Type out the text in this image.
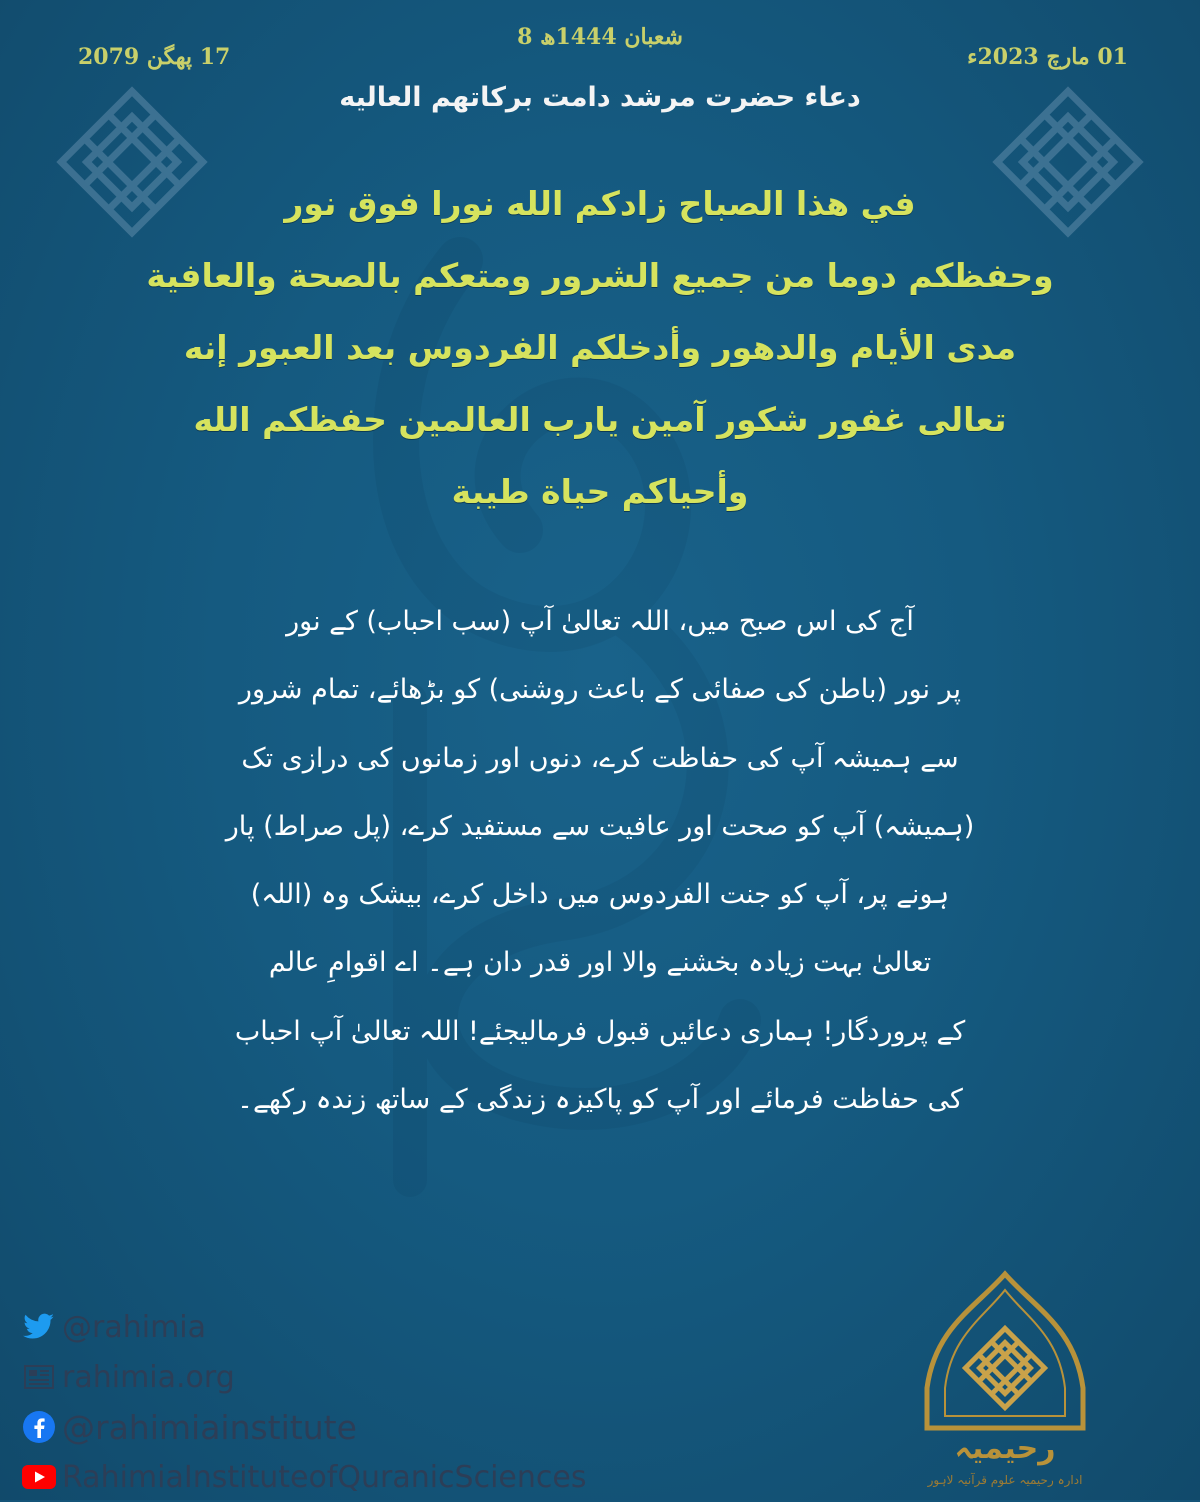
8 شعبان 1444ھ
01 مارچ 2023ء
17 پھگن 2079
دعاء حضرت مرشد دامت برکاتهم العالیه
في هذا الصباح زادكم الله نورا فوق نور
وحفظكم دوما من جميع الشرور ومتعكم بالصحة والعافية
مدى الأيام والدهور وأدخلكم الفردوس بعد العبور إنه
تعالى غفور شكور آمين يارب العالمين حفظكم الله
وأحياكم حياة طيبة
آج کی اس صبح میں، اللہ تعالیٰ آپ (سب احباب) کے نور
پر نور (باطن کی صفائی کے باعث روشنی) کو بڑھائے، تمام شرور
سے ہمیشہ آپ کی حفاظت کرے، دنوں اور زمانوں کی درازی تک
(ہمیشہ) آپ کو صحت اور عافیت سے مستفید کرے، (پل صراط) پار
ہونے پر، آپ کو جنت الفردوس میں داخل کرے، بیشک وہ (اللہ)
تعالیٰ بہت زیادہ بخشنے والا اور قدر دان ہے۔ اے اقوامِ عالم
کے پروردگار! ہماری دعائیں قبول فرمالیجئے! اللہ تعالیٰ آپ احباب
کی حفاظت فرمائے اور آپ کو پاکیزہ زندگی کے ساتھ زندہ رکھے۔
@rahimia
rahimia.org
@rahimiainstitute
RahimiaInstituteofQuranicSciences
رحیمیہ
ادارہ رحیمیہ علوم قرآنیہ لاہور
